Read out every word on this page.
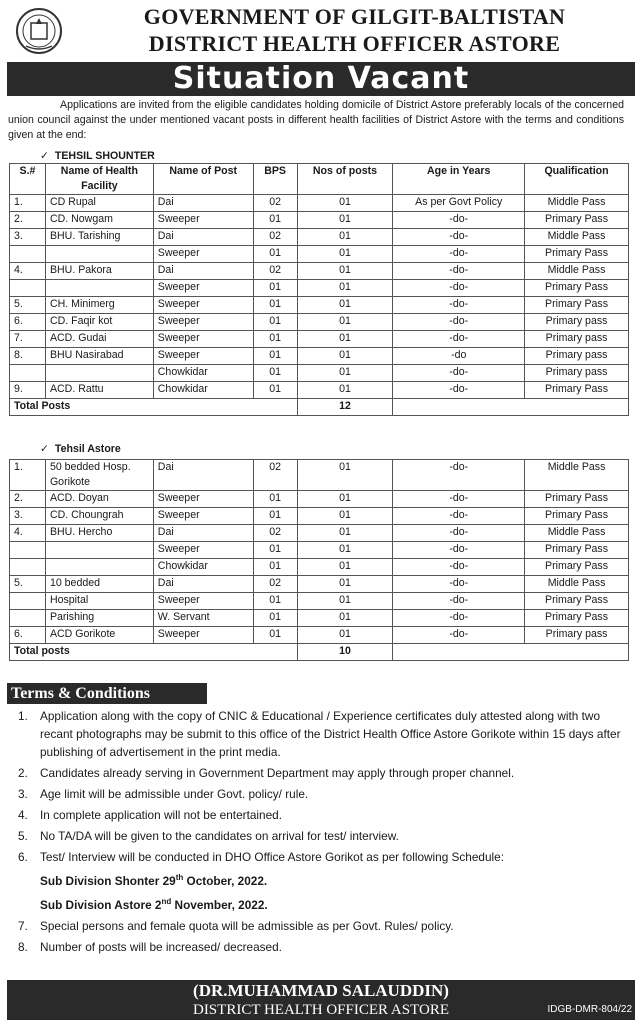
GOVERNMENT OF GILGIT-BALTISTAN
DISTRICT HEALTH OFFICER ASTORE
Situation Vacant
Applications are invited from the eligible candidates holding domicile of District Astore preferably locals of the concerned union council against the under mentioned vacant posts in different health facilities of District Astore with the terms and conditions given at the end:
✓ TEHSIL SHOUNTER
S.#	Name of Health Facility	Name of Post	BPS	Nos of posts	Age in Years	Qualification
1.	CD Rupal	Dai	02	01	As per Govt Policy	Middle Pass
2.	CD. Nowgam	Sweeper	01	01	-do-	Primary Pass
3.	BHU. Tarishing	Dai	02	01	-do-	Middle Pass
		Sweeper	01	01	-do-	Primary Pass
4.	BHU. Pakora	Dai	02	01	-do-	Middle Pass
		Sweeper	01	01	-do-	Primary Pass
5.	CH. Minimerg	Sweeper	01	01	-do-	Primary Pass
6.	CD. Faqir kot	Sweeper	01	01	-do-	Primary pass
7.	ACD. Gudai	Sweeper	01	01	-do-	Primary pass
8.	BHU Nasirabad	Sweeper	01	01	-do	Primary pass
		Chowkidar	01	01	-do-	Primary pass
9.	ACD. Rattu	Chowkidar	01	01	-do-	Primary Pass
Total Posts				12		
✓ Tehsil Astore
1.	50 bedded Hosp. Gorikote	Dai	02	01	-do-	Middle Pass
2.	ACD. Doyan	Sweeper	01	01	-do-	Primary Pass
3.	CD. Choungrah	Sweeper	01	01	-do-	Primary Pass
4.	BHU. Hercho	Dai	02	01	-do-	Middle Pass
		Sweeper	01	01	-do-	Primary Pass
		Chowkidar	01	01	-do-	Primary Pass
5.	10 bedded	Dai	02	01	-do-	Middle Pass
	Hospital	Sweeper	01	01	-do-	Primary Pass
	Parishing	W. Servant	01	01	-do-	Primary Pass
6.	ACD Gorikote	Sweeper	01	01	-do-	Primary pass
Total posts				10		
Terms & Conditions
1. Application along with the copy of CNIC & Educational / Experience certificates duly attested along with two recant photographs may be submit to this office of the District Health Office Astore Gorikote within 15 days after publishing of advertisement in the print media.
2. Candidates already serving in Government Department may apply through proper channel.
3. Age limit will be admissible under Govt. policy/ rule.
4. In complete application will not be entertained.
5. No TA/DA will be given to the candidates on arrival for test/ interview.
6. Test/ Interview will be conducted in DHO Office Astore Gorikot as per following Schedule:
Sub Division Shonter 29th October, 2022.
Sub Division Astore 2nd November, 2022.
7. Special persons and female quota will be admissible as per Govt. Rules/ policy.
8. Number of posts will be increased/ decreased.
(DR.MUHAMMAD SALAUDDIN)
DISTRICT HEALTH OFFICER ASTORE	IDGB-DMR-804/22
